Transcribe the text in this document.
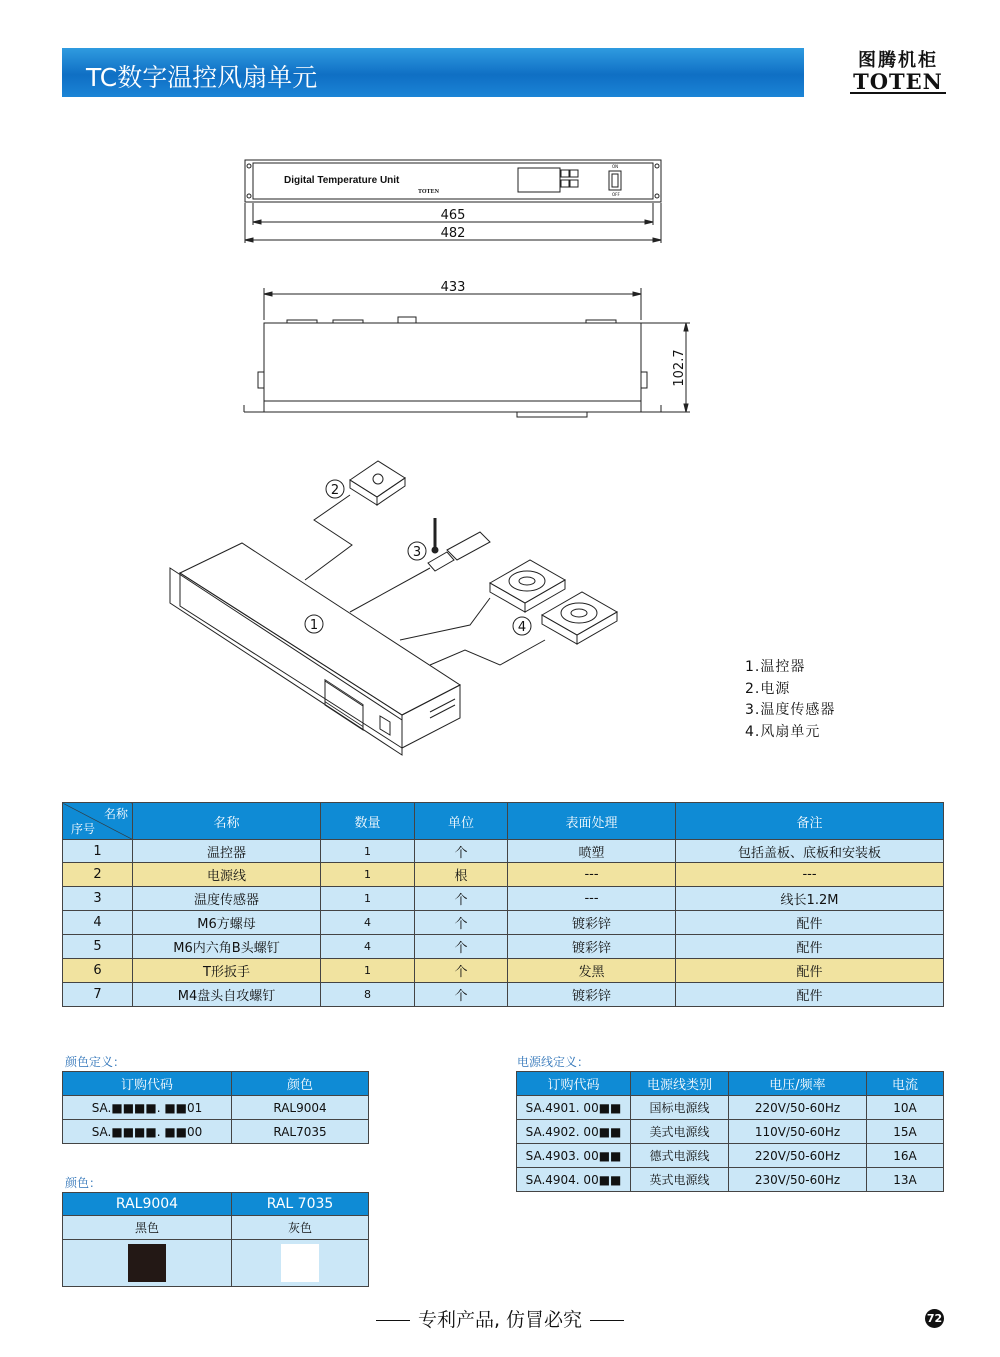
TC数字温控风扇单元
图腾机柜
TOTEN
Digital Temperature Unit
TOTEN
ON
OFF
465
482
433
102.7
2
3
4
1
1.温控器
2.电源
3.温度传感器
4.风扇单元
名称
序号	名称	数量	单位	表面处理	备注
1	温控器	1	个	喷塑	包括盖板、底板和安装板
2	电源线	1	根	---	---
3	温度传感器	1	个	---	线长1.2M
4	M6方螺母	4	个	镀彩锌	配件
5	M6内六角B头螺钉	4	个	镀彩锌	配件
6	T形扳手	1	个	发黑	配件
7	M4盘头自攻螺钉	8	个	镀彩锌	配件
颜色定义：
订购代码	颜色
SA.■■■■. ■■01	RAL9004
SA.■■■■. ■■00	RAL7035
颜色：
RAL9004	RAL 7035
黑色	灰色

电源线定义：
订购代码	电源线类别	电压/频率	电流
SA.4901. 00■■	国标电源线	220V/50-60Hz	10A
SA.4902. 00■■	美式电源线	110V/50-60Hz	15A
SA.4903. 00■■	德式电源线	220V/50-60Hz	16A
SA.4904. 00■■	英式电源线	230V/50-60Hz	13A
专利产品, 仿冒必究	72
